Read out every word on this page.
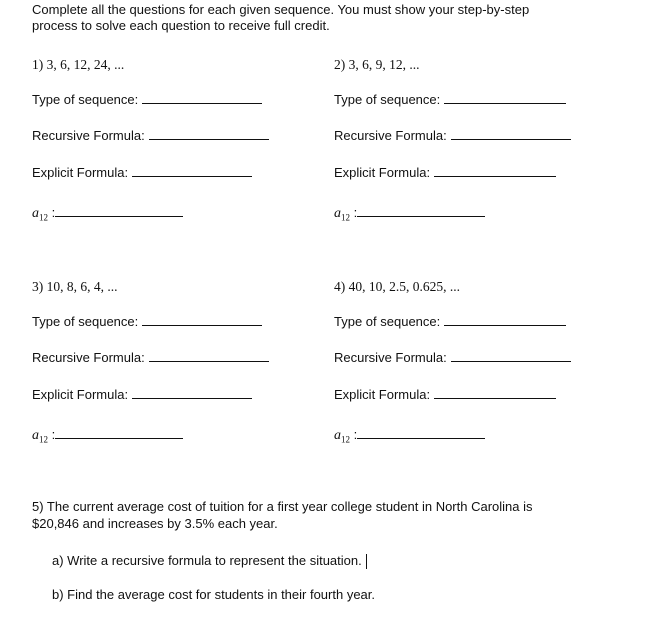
Complete all the questions for each given sequence. You must show your step-by-step
process to solve each question to receive full credit.
1) 3, 6, 12, 24, ...
Type of sequence:
Recursive Formula:
Explicit Formula:
$a_{12}$ :
2) 3, 6, 9, 12, ...
Type of sequence:
Recursive Formula:
Explicit Formula:
$a_{12}$ :
3) 10, 8, 6, 4, ...
Type of sequence:
Recursive Formula:
Explicit Formula:
$a_{12}$ :
4) 40, 10, 2.5, 0.625, ...
Type of sequence:
Recursive Formula:
Explicit Formula:
$a_{12}$ :
5) The current average cost of tuition for a first year college student in North Carolina is
$20,846 and increases by 3.5% each year.
a) Write a recursive formula to represent the situation.
b) Find the average cost for students in their fourth year.
